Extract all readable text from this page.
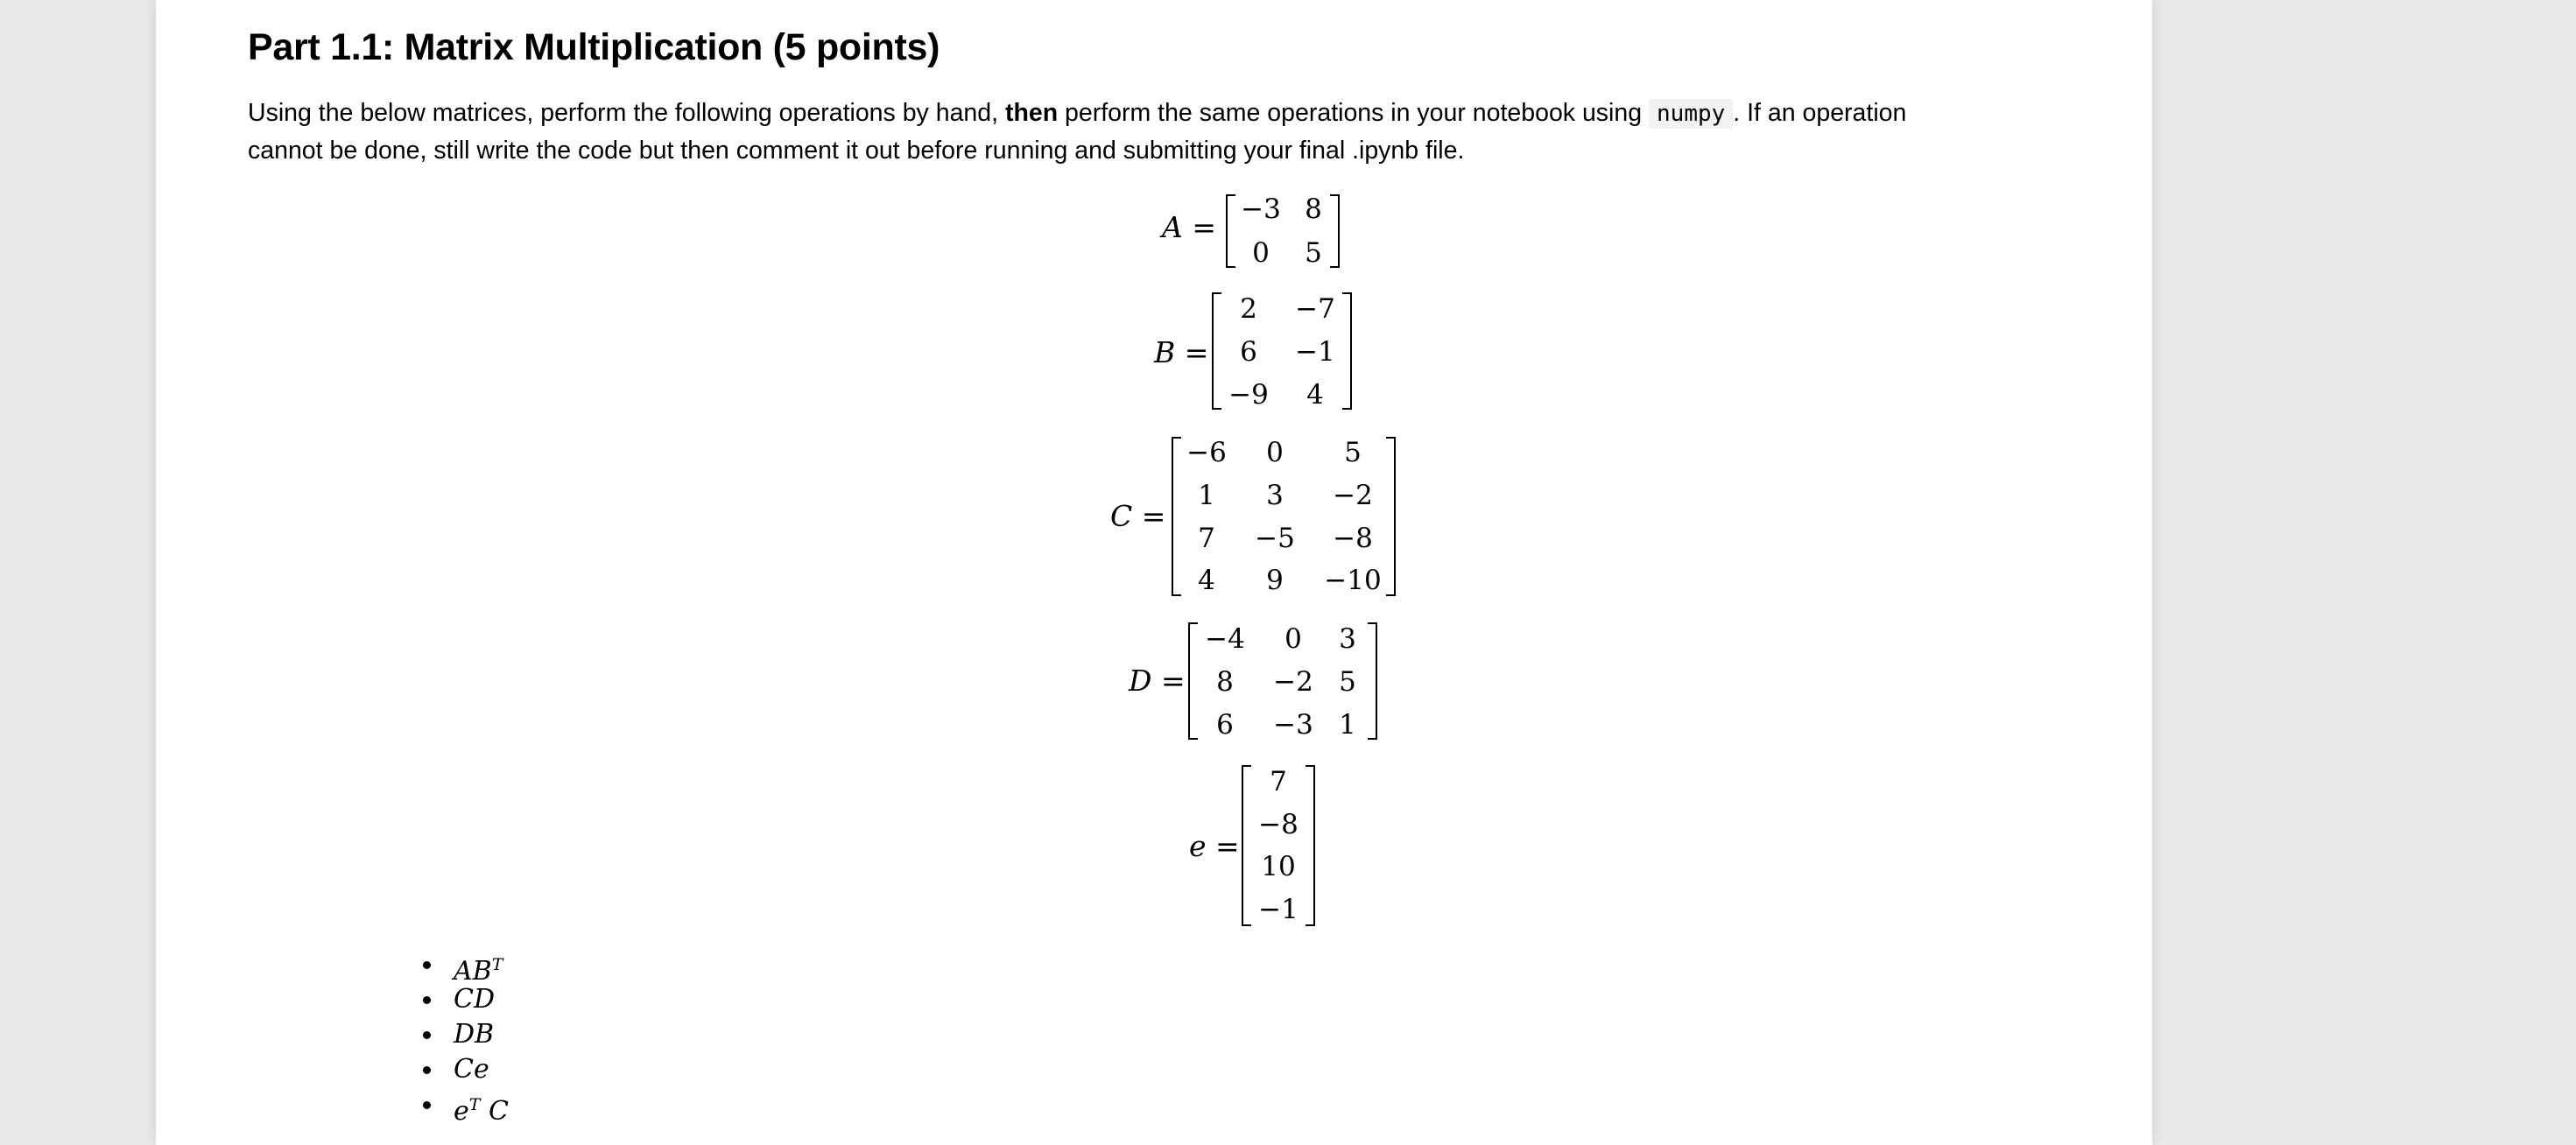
Part 1.1: Matrix Multiplication (5 points)

Using the below matrices, perform the following operations by hand, then perform the same operations in your notebook using numpy . If an operation cannot be done, still write the code but then comment it out before running and submitting your final .ipynb file.

A =
−3 8
0	5
B =
2	−7
6	−1
−9	4
C =
−6	0	5
1	3	−2
7	−5	−8
4	9	−10
D =
−4	0	3
8	−2 5
6	−3 1
e =
7
−8
10
−1
$AB^T$
CD
DB
Ce
$e^T$ C
